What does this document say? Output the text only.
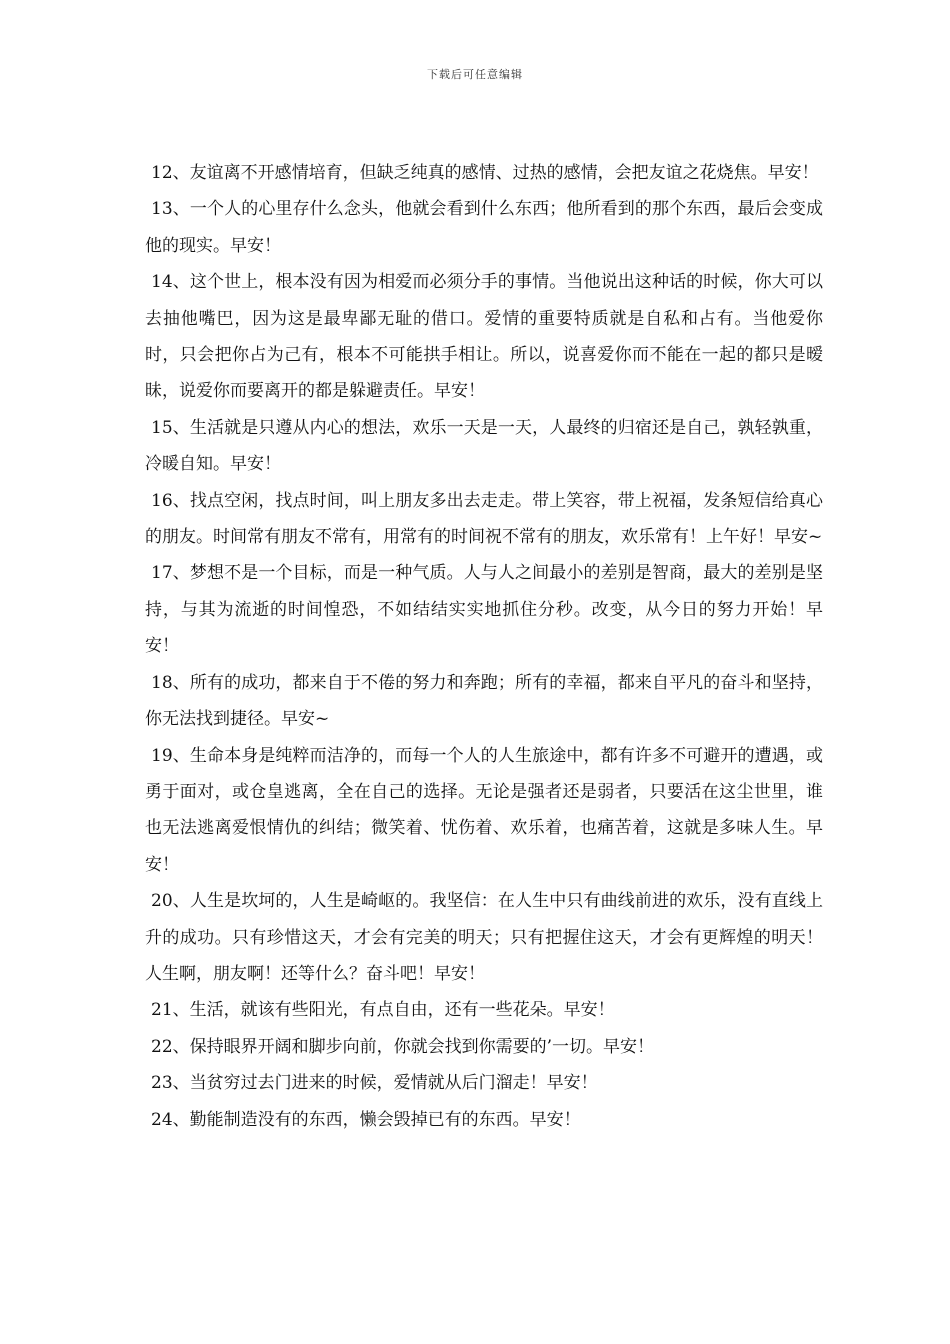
下载后可任意编辑

12、友谊离不开感情培育，但缺乏纯真的感情、过热的感情，会把友谊之花烧焦。早安！

13、一个人的心里存什么念头，他就会看到什么东西；他所看到的那个东西，最后会变成他的现实。早安！

14、这个世上，根本没有因为相爱而必须分手的事情。当他说出这种话的时候，你大可以去抽他嘴巴，因为这是最卑鄙无耻的借口。爱情的重要特质就是自私和占有。当他爱你时，只会把你占为己有，根本不可能拱手相让。所以，说喜爱你而不能在一起的都只是暧昧，说爱你而要离开的都是躲避责任。早安！

15、生活就是只遵从内心的想法，欢乐一天是一天，人最终的归宿还是自己，孰轻孰重，冷暖自知。早安！

16、找点空闲，找点时间，叫上朋友多出去走走。带上笑容，带上祝福，发条短信给真心的朋友。时间常有朋友不常有，用常有的时间祝不常有的朋友，欢乐常有！上午好！早安~

17、梦想不是一个目标，而是一种气质。人与人之间最小的差别是智商，最大的差别是坚持，与其为流逝的时间惶恐，不如结结实实地抓住分秒。改变，从今日的努力开始！早安！

18、所有的成功，都来自于不倦的努力和奔跑；所有的幸福，都来自平凡的奋斗和坚持，你无法找到捷径。早安~

19、生命本身是纯粹而洁净的，而每一个人的人生旅途中，都有许多不可避开的遭遇，或勇于面对，或仓皇逃离，全在自己的选择。无论是强者还是弱者，只要活在这尘世里，谁也无法逃离爱恨情仇的纠结；微笑着、忧伤着、欢乐着，也痛苦着，这就是多味人生。早安！

20、人生是坎坷的，人生是崎岖的。我坚信：在人生中只有曲线前进的欢乐，没有直线上升的成功。只有珍惜这天，才会有完美的明天；只有把握住这天，才会有更辉煌的明天！人生啊，朋友啊！还等什么？奋斗吧！早安！

21、生活，就该有些阳光，有点自由，还有一些花朵。早安！

22、保持眼界开阔和脚步向前，你就会找到你需要的’一切。早安！

23、当贫穷过去门进来的时候，爱情就从后门溜走！早安！

24、勤能制造没有的东西，懒会毁掉已有的东西。早安！
